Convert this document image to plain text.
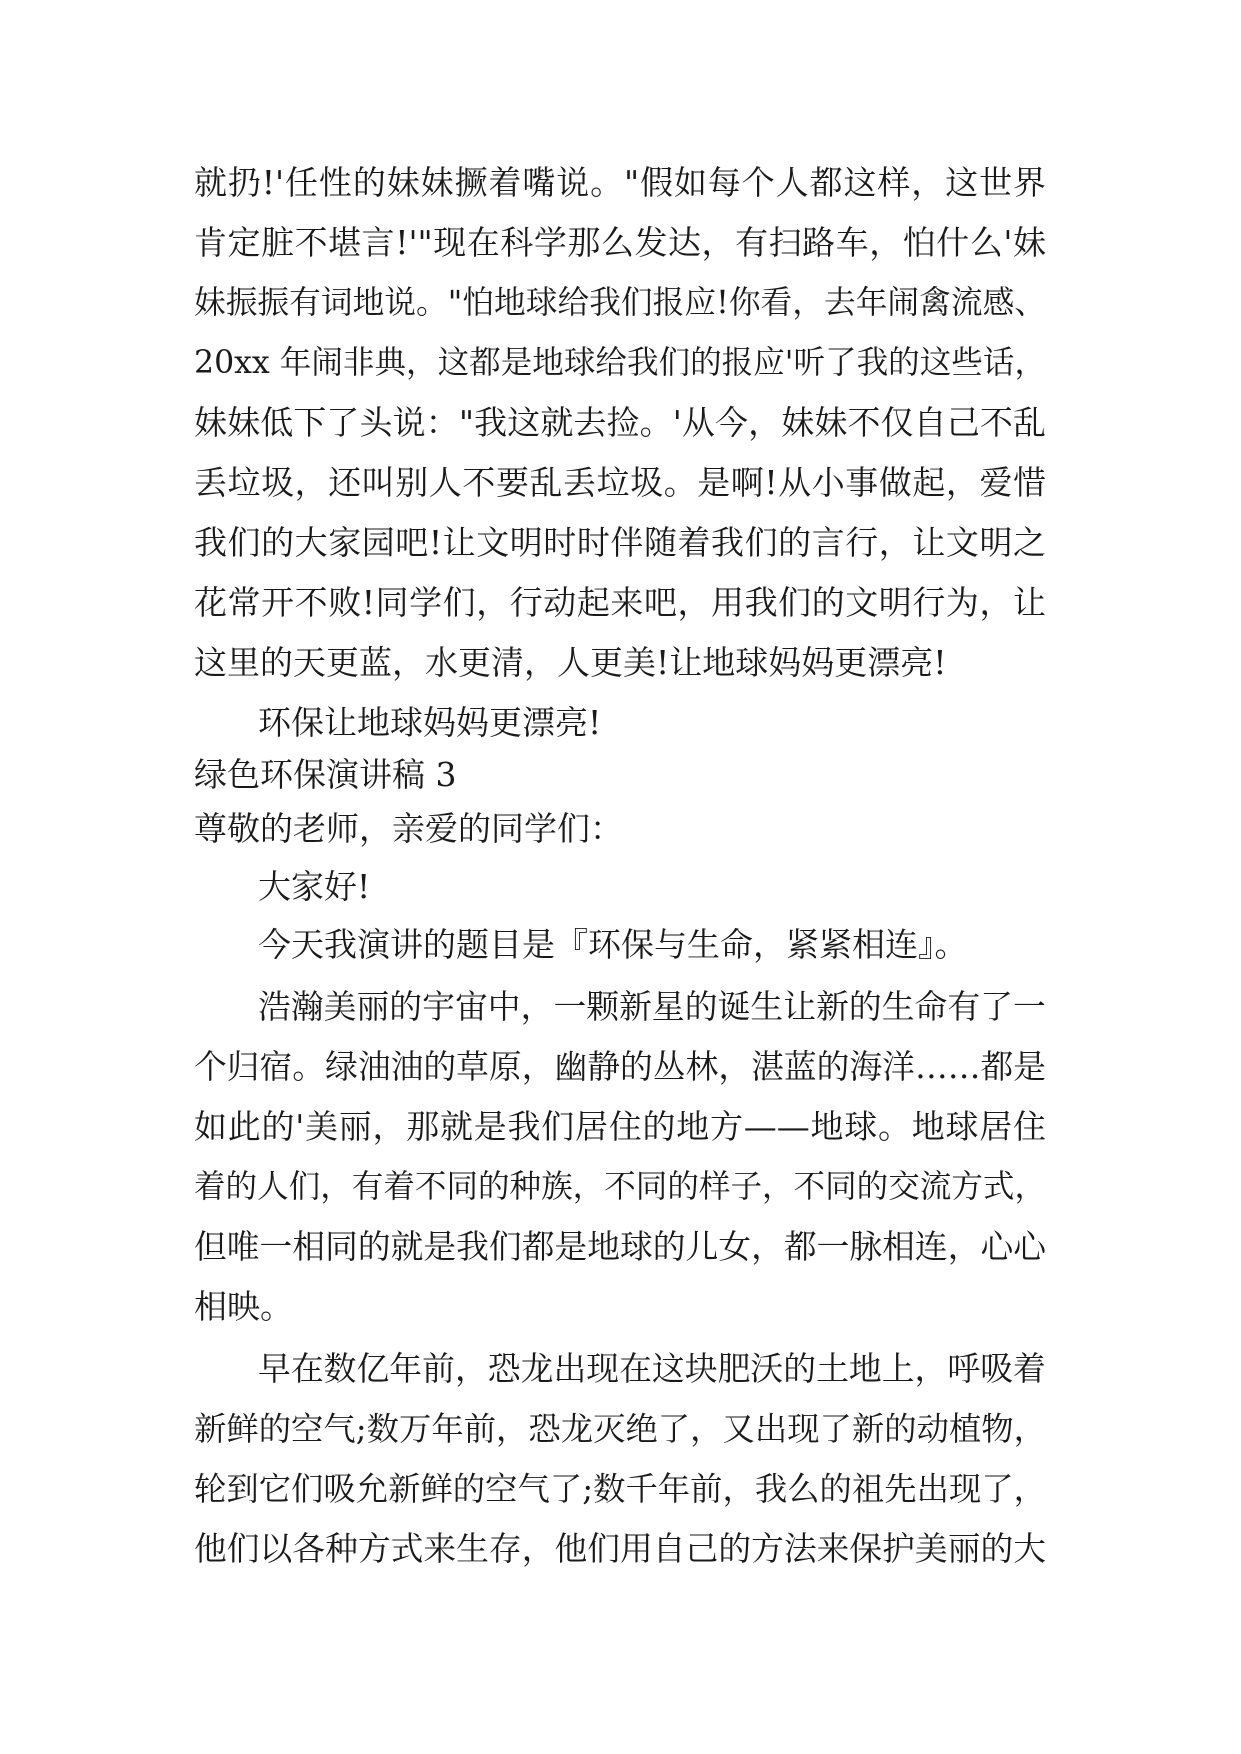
就扔!'任性的妹妹撅着嘴说。"假如每个人都这样，这世界
肯定脏不堪言!'"现在科学那么发达，有扫路车，怕什么'妹
妹振振有词地说。"怕地球给我们报应!你看，去年闹禽流感、
20xx 年闹非典，这都是地球给我们的报应'听了我的这些话，
妹妹低下了头说："我这就去捡。'从今，妹妹不仅自己不乱
丢垃圾，还叫别人不要乱丢垃圾。是啊!从小事做起，爱惜
我们的大家园吧!让文明时时伴随着我们的言行，让文明之
花常开不败!同学们，行动起来吧，用我们的文明行为，让
这里的天更蓝，水更清，人更美!让地球妈妈更漂亮!
环保让地球妈妈更漂亮!
绿色环保演讲稿 3
尊敬的老师，亲爱的同学们：
大家好!
今天我演讲的题目是『环保与生命，紧紧相连』。
浩瀚美丽的宇宙中，一颗新星的诞生让新的生命有了一
个归宿。绿油油的草原，幽静的丛林，湛蓝的海洋……都是
如此的'美丽，那就是我们居住的地方——地球。地球居住
着的人们，有着不同的种族，不同的样子，不同的交流方式，
但唯一相同的就是我们都是地球的儿女，都一脉相连，心心
相映。
早在数亿年前，恐龙出现在这块肥沃的土地上，呼吸着
新鲜的空气;数万年前，恐龙灭绝了，又出现了新的动植物，
轮到它们吸允新鲜的空气了;数千年前，我么的祖先出现了，
他们以各种方式来生存，他们用自己的方法来保护美丽的大
